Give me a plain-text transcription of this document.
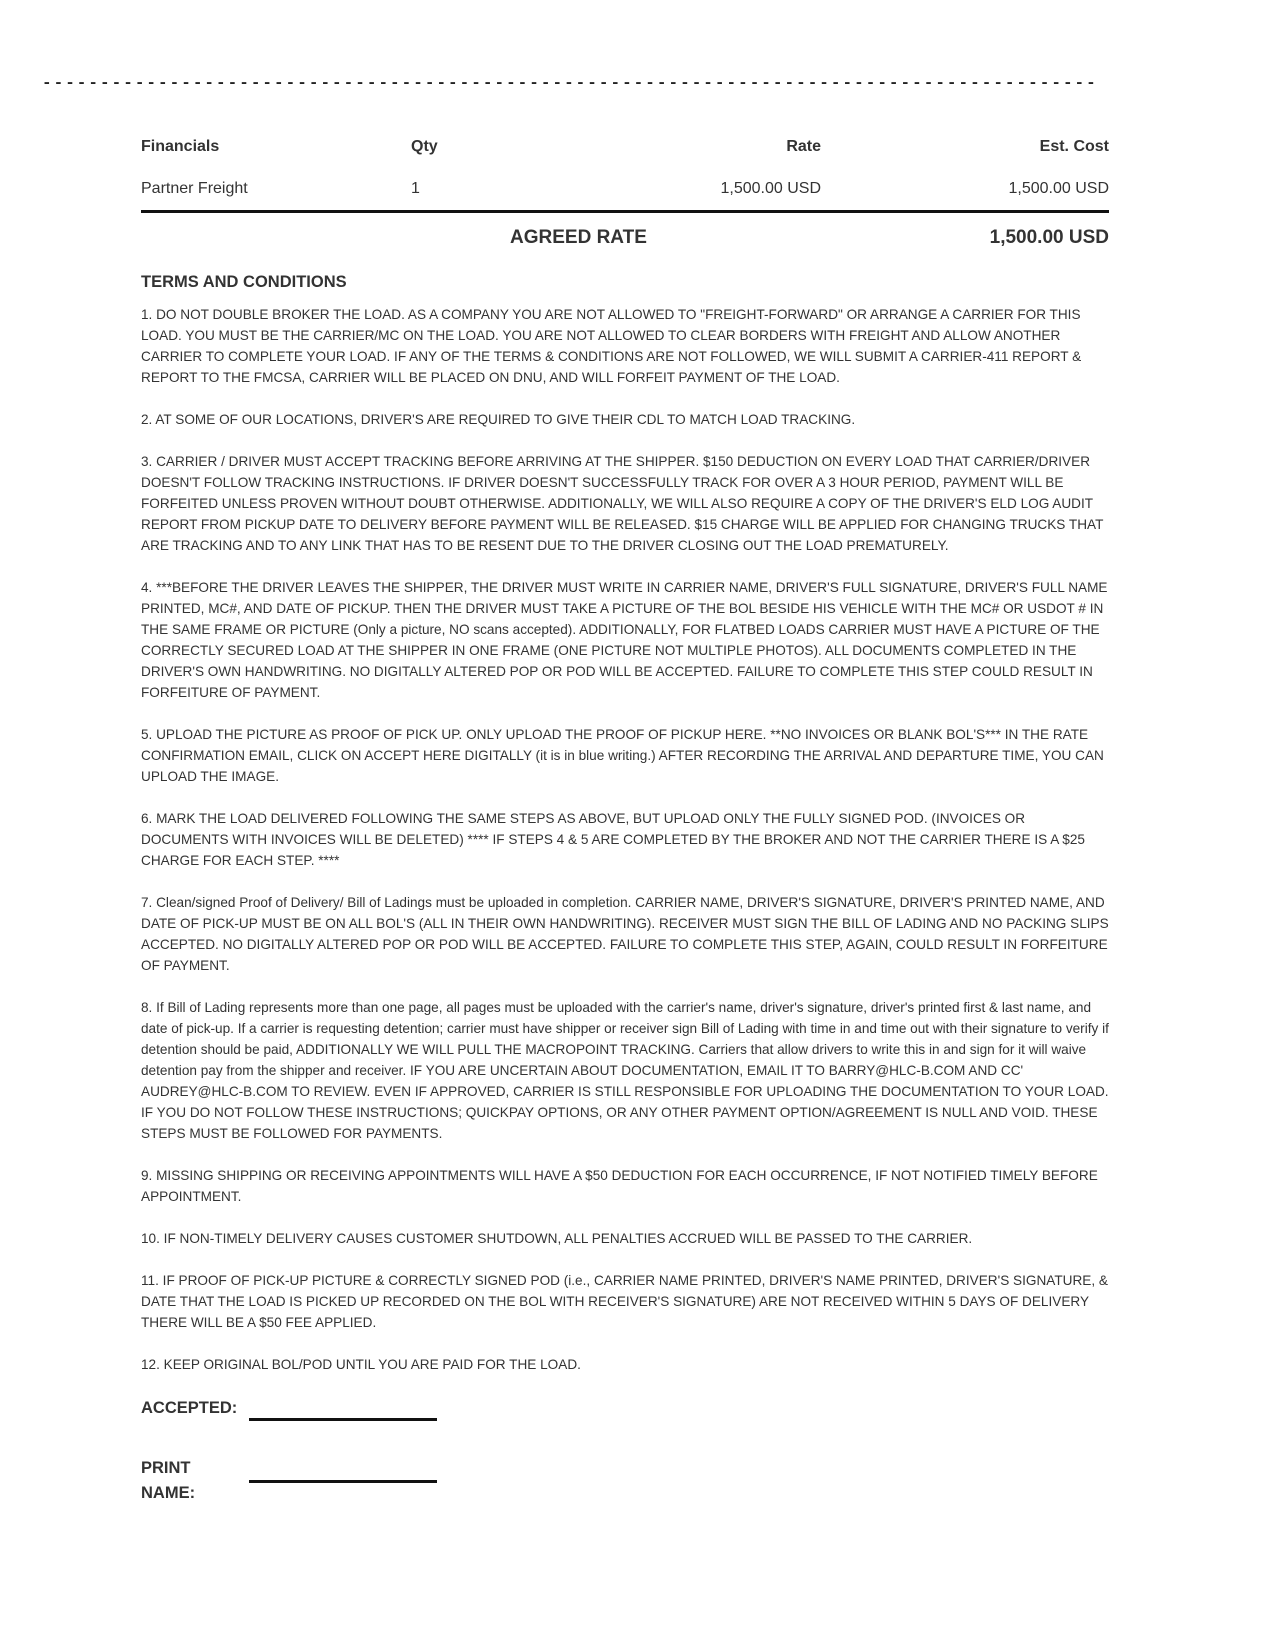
-------------------------------------------------------------------------------------------
Financials	Qty	Rate	Est. Cost
Partner Freight	1	1,500.00 USD	1,500.00 USD
AGREED RATE	1,500.00 USD
TERMS AND CONDITIONS

1. DO NOT DOUBLE BROKER THE LOAD. AS A COMPANY YOU ARE NOT ALLOWED TO "FREIGHT-FORWARD" OR ARRANGE A CARRIER FOR THIS LOAD. YOU MUST BE THE CARRIER/MC ON THE LOAD. YOU ARE NOT ALLOWED TO CLEAR BORDERS WITH FREIGHT AND ALLOW ANOTHER CARRIER TO COMPLETE YOUR LOAD. IF ANY OF THE TERMS & CONDITIONS ARE NOT FOLLOWED, WE WILL SUBMIT A CARRIER-411 REPORT & REPORT TO THE FMCSA, CARRIER WILL BE PLACED ON DNU, AND WILL FORFEIT PAYMENT OF THE LOAD.

2. AT SOME OF OUR LOCATIONS, DRIVER'S ARE REQUIRED TO GIVE THEIR CDL TO MATCH LOAD TRACKING.

3. CARRIER / DRIVER MUST ACCEPT TRACKING BEFORE ARRIVING AT THE SHIPPER. $150 DEDUCTION ON EVERY LOAD THAT CARRIER/DRIVER DOESN'T FOLLOW TRACKING INSTRUCTIONS. IF DRIVER DOESN'T SUCCESSFULLY TRACK FOR OVER A 3 HOUR PERIOD, PAYMENT WILL BE FORFEITED UNLESS PROVEN WITHOUT DOUBT OTHERWISE. ADDITIONALLY, WE WILL ALSO REQUIRE A COPY OF THE DRIVER'S ELD LOG AUDIT REPORT FROM PICKUP DATE TO DELIVERY BEFORE PAYMENT WILL BE RELEASED. $15 CHARGE WILL BE APPLIED FOR CHANGING TRUCKS THAT ARE TRACKING AND TO ANY LINK THAT HAS TO BE RESENT DUE TO THE DRIVER CLOSING OUT THE LOAD PREMATURELY.

4. ***BEFORE THE DRIVER LEAVES THE SHIPPER, THE DRIVER MUST WRITE IN CARRIER NAME, DRIVER'S FULL SIGNATURE, DRIVER'S FULL NAME PRINTED, MC#, AND DATE OF PICKUP. THEN THE DRIVER MUST TAKE A PICTURE OF THE BOL BESIDE HIS VEHICLE WITH THE MC# OR USDOT # IN THE SAME FRAME OR PICTURE (Only a picture, NO scans accepted). ADDITIONALLY, FOR FLATBED LOADS CARRIER MUST HAVE A PICTURE OF THE CORRECTLY SECURED LOAD AT THE SHIPPER IN ONE FRAME (ONE PICTURE NOT MULTIPLE PHOTOS). ALL DOCUMENTS COMPLETED IN THE DRIVER'S OWN HANDWRITING. NO DIGITALLY ALTERED POP OR POD WILL BE ACCEPTED. FAILURE TO COMPLETE THIS STEP COULD RESULT IN FORFEITURE OF PAYMENT.

5. UPLOAD THE PICTURE AS PROOF OF PICK UP. ONLY UPLOAD THE PROOF OF PICKUP HERE. **NO INVOICES OR BLANK BOL'S*** IN THE RATE CONFIRMATION EMAIL, CLICK ON ACCEPT HERE DIGITALLY (it is in blue writing.) AFTER RECORDING THE ARRIVAL AND DEPARTURE TIME, YOU CAN UPLOAD THE IMAGE.

6. MARK THE LOAD DELIVERED FOLLOWING THE SAME STEPS AS ABOVE, BUT UPLOAD ONLY THE FULLY SIGNED POD. (INVOICES OR DOCUMENTS WITH INVOICES WILL BE DELETED) **** IF STEPS 4 & 5 ARE COMPLETED BY THE BROKER AND NOT THE CARRIER THERE IS A $25 CHARGE FOR EACH STEP. ****

7. Clean/signed Proof of Delivery/ Bill of Ladings must be uploaded in completion. CARRIER NAME, DRIVER'S SIGNATURE, DRIVER'S PRINTED NAME, AND DATE OF PICK-UP MUST BE ON ALL BOL'S (ALL IN THEIR OWN HANDWRITING). RECEIVER MUST SIGN THE BILL OF LADING AND NO PACKING SLIPS ACCEPTED. NO DIGITALLY ALTERED POP OR POD WILL BE ACCEPTED. FAILURE TO COMPLETE THIS STEP, AGAIN, COULD RESULT IN FORFEITURE OF PAYMENT.

8. If Bill of Lading represents more than one page, all pages must be uploaded with the carrier's name, driver's signature, driver's printed first & last name, and date of pick-up. If a carrier is requesting detention; carrier must have shipper or receiver sign Bill of Lading with time in and time out with their signature to verify if detention should be paid, ADDITIONALLY WE WILL PULL THE MACROPOINT TRACKING. Carriers that allow drivers to write this in and sign for it will waive detention pay from the shipper and receiver. IF YOU ARE UNCERTAIN ABOUT DOCUMENTATION, EMAIL IT TO BARRY@HLC-B.COM AND CC' AUDREY@HLC-B.COM TO REVIEW. EVEN IF APPROVED, CARRIER IS STILL RESPONSIBLE FOR UPLOADING THE DOCUMENTATION TO YOUR LOAD. IF YOU DO NOT FOLLOW THESE INSTRUCTIONS; QUICKPAY OPTIONS, OR ANY OTHER PAYMENT OPTION/AGREEMENT IS NULL AND VOID. THESE STEPS MUST BE FOLLOWED FOR PAYMENTS.

9. MISSING SHIPPING OR RECEIVING APPOINTMENTS WILL HAVE A $50 DEDUCTION FOR EACH OCCURRENCE, IF NOT NOTIFIED TIMELY BEFORE APPOINTMENT.

10. IF NON-TIMELY DELIVERY CAUSES CUSTOMER SHUTDOWN, ALL PENALTIES ACCRUED WILL BE PASSED TO THE CARRIER.

11. IF PROOF OF PICK-UP PICTURE & CORRECTLY SIGNED POD (i.e., CARRIER NAME PRINTED, DRIVER'S NAME PRINTED, DRIVER'S SIGNATURE, & DATE THAT THE LOAD IS PICKED UP RECORDED ON THE BOL WITH RECEIVER'S SIGNATURE) ARE NOT RECEIVED WITHIN 5 DAYS OF DELIVERY THERE WILL BE A $50 FEE APPLIED.

12. KEEP ORIGINAL BOL/POD UNTIL YOU ARE PAID FOR THE LOAD.

ACCEPTED:
PRINT
NAME:
